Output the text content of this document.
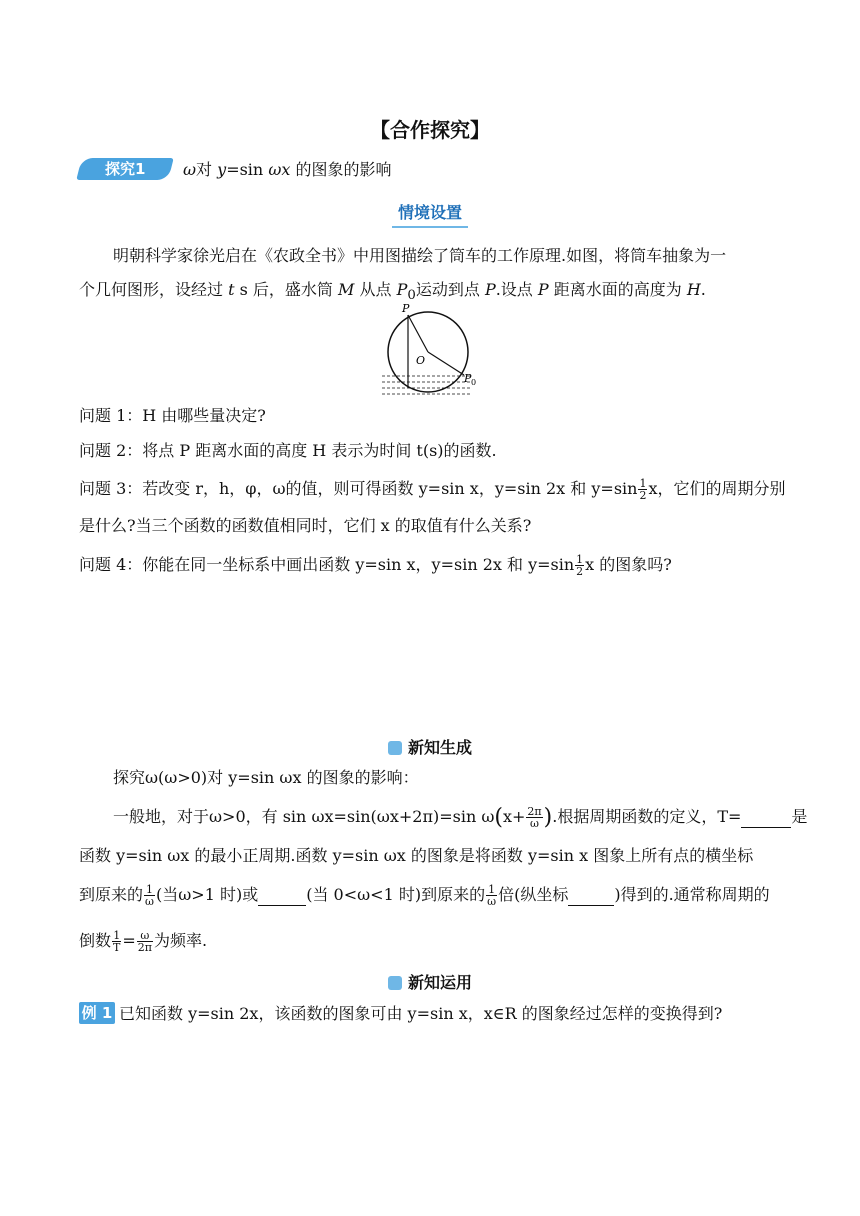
【合作探究】
探究1	ω对 y=sin ωx 的图象的影响
情境设置
明朝科学家徐光启在《农政全书》中用图描绘了筒车的工作原理.如图，将筒车抽象为一
个几何图形，设经过 t s 后，盛水筒 M 从点 $P_0$运动到点 P.设点 P 距离水面的高度为 H.
P
O
P 0
问题 1：H 由哪些量决定?
问题 2：将点 P 距离水面的高度 H 表示为时间 t(s)的函数.
问题 3：若改变 r，h，φ，ω的值，则可得函数 y=sin x，y=sin 2x 和 $y=\sin \frac{1}{2}$ x，它们的周期分别
是什么?当三个函数的函数值相同时，它们 x 的取值有什么关系?
问题 4：你能在同一坐标系中画出函数 y=sin x，y=sin 2x 和 $y=\sin \frac{1}{2}$ x 的图象吗?
新知生成
探究ω(ω>0)对 y=sin ωx 的图象的影响：
一般地，对于ω>0，有 sin ωx=sin(ωx+2π)=sin $\omega(x+ \frac{2\pi}{\omega}$ ).根据周期函数的定义，T=	是
函数 y=sin ωx 的最小正周期.函数 y=sin ωx 的图象是将函数 y=sin x 图象上所有点的横坐标
到原来的 $\frac{1}{\omega}$ (当ω>1 时)或	(当 0<ω<1 时)到原来的 $\frac{1}{\omega}$ 倍(纵坐标	)得到的.通常称周期的
倒数 $\frac{1}{T} = \frac{\omega}{2\pi}$ 为频率.
新知运用
例 1 已知函数 y=sin 2x，该函数的图象可由 y=sin x，x∈R 的图象经过怎样的变换得到?
